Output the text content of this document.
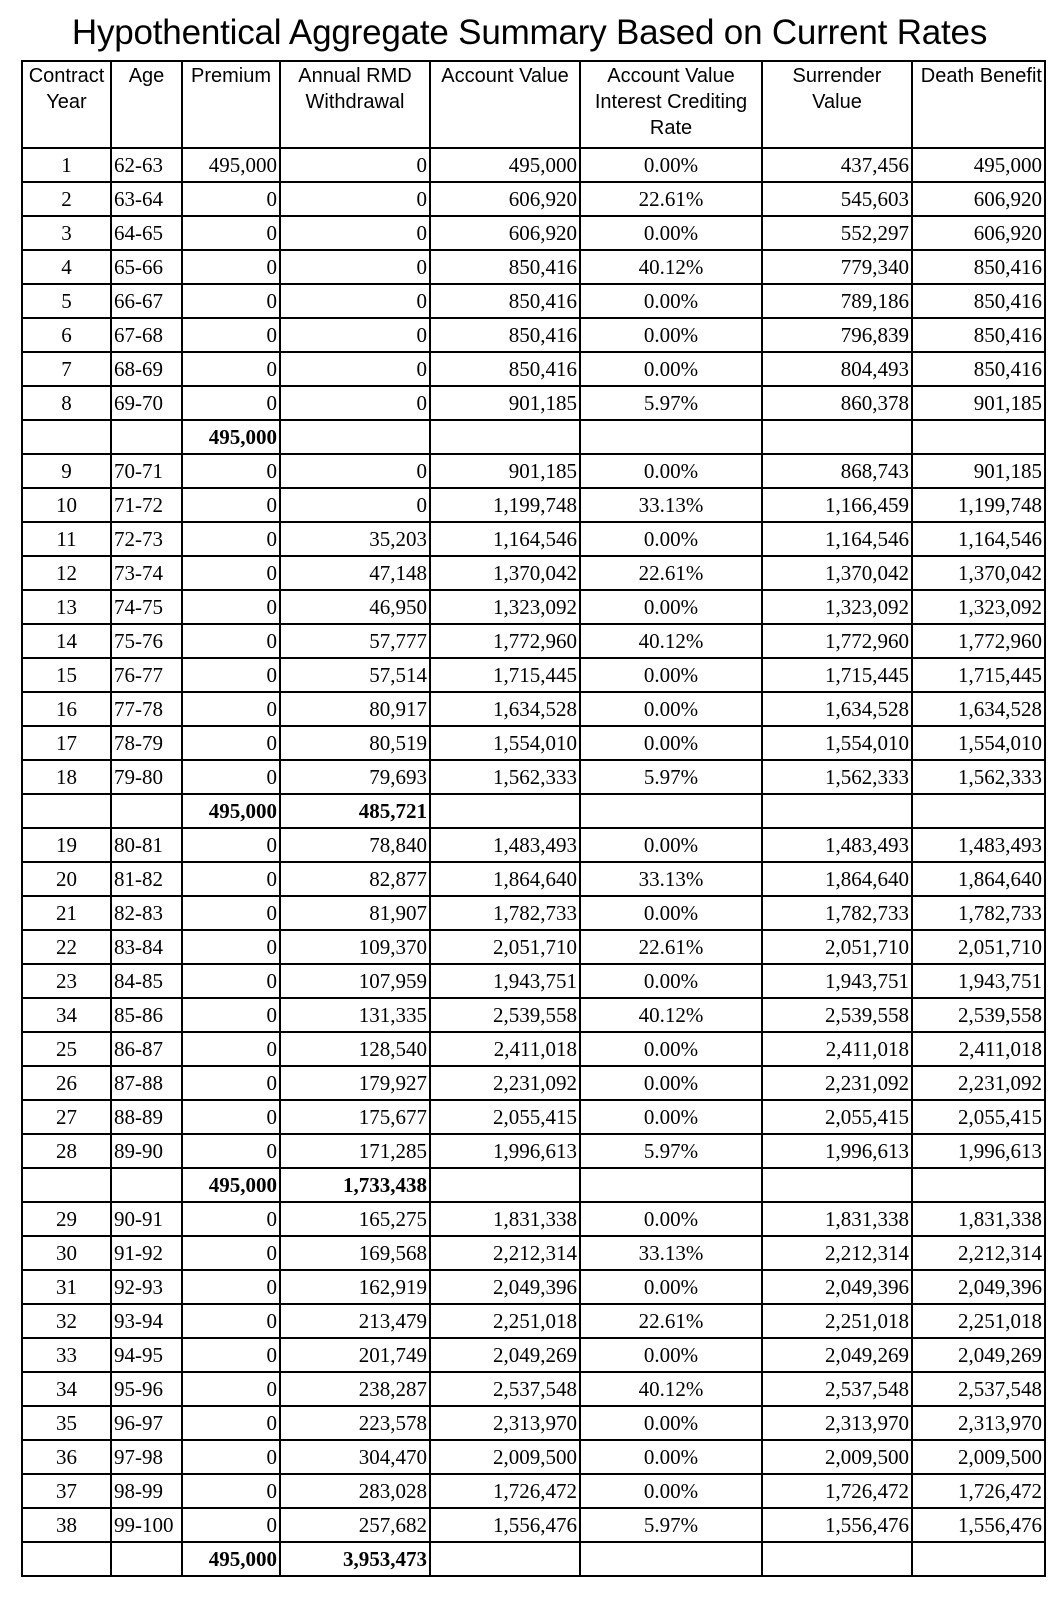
Hypothentical Aggregate Summary Based on Current Rates
Contract Year	Age	Premium	Annual RMD Withdrawal	Account Value	Account Value Interest Crediting Rate	Surrender Value	Death Benefit
1	62-63	495,000	0	495,000	0.00%	437,456	495,000
2	63-64	0	0	606,920	22.61%	545,603	606,920
3	64-65	0	0	606,920	0.00%	552,297	606,920
4	65-66	0	0	850,416	40.12%	779,340	850,416
5	66-67	0	0	850,416	0.00%	789,186	850,416
6	67-68	0	0	850,416	0.00%	796,839	850,416
7	68-69	0	0	850,416	0.00%	804,493	850,416
8	69-70	0	0	901,185	5.97%	860,378	901,185
		495,000					
9	70-71	0	0	901,185	0.00%	868,743	901,185
10	71-72	0	0	1,199,748	33.13%	1,166,459	1,199,748
11	72-73	0	35,203	1,164,546	0.00%	1,164,546	1,164,546
12	73-74	0	47,148	1,370,042	22.61%	1,370,042	1,370,042
13	74-75	0	46,950	1,323,092	0.00%	1,323,092	1,323,092
14	75-76	0	57,777	1,772,960	40.12%	1,772,960	1,772,960
15	76-77	0	57,514	1,715,445	0.00%	1,715,445	1,715,445
16	77-78	0	80,917	1,634,528	0.00%	1,634,528	1,634,528
17	78-79	0	80,519	1,554,010	0.00%	1,554,010	1,554,010
18	79-80	0	79,693	1,562,333	5.97%	1,562,333	1,562,333
		495,000	485,721				
19	80-81	0	78,840	1,483,493	0.00%	1,483,493	1,483,493
20	81-82	0	82,877	1,864,640	33.13%	1,864,640	1,864,640
21	82-83	0	81,907	1,782,733	0.00%	1,782,733	1,782,733
22	83-84	0	109,370	2,051,710	22.61%	2,051,710	2,051,710
23	84-85	0	107,959	1,943,751	0.00%	1,943,751	1,943,751
34	85-86	0	131,335	2,539,558	40.12%	2,539,558	2,539,558
25	86-87	0	128,540	2,411,018	0.00%	2,411,018	2,411,018
26	87-88	0	179,927	2,231,092	0.00%	2,231,092	2,231,092
27	88-89	0	175,677	2,055,415	0.00%	2,055,415	2,055,415
28	89-90	0	171,285	1,996,613	5.97%	1,996,613	1,996,613
		495,000	1,733,438				
29	90-91	0	165,275	1,831,338	0.00%	1,831,338	1,831,338
30	91-92	0	169,568	2,212,314	33.13%	2,212,314	2,212,314
31	92-93	0	162,919	2,049,396	0.00%	2,049,396	2,049,396
32	93-94	0	213,479	2,251,018	22.61%	2,251,018	2,251,018
33	94-95	0	201,749	2,049,269	0.00%	2,049,269	2,049,269
34	95-96	0	238,287	2,537,548	40.12%	2,537,548	2,537,548
35	96-97	0	223,578	2,313,970	0.00%	2,313,970	2,313,970
36	97-98	0	304,470	2,009,500	0.00%	2,009,500	2,009,500
37	98-99	0	283,028	1,726,472	0.00%	1,726,472	1,726,472
38	99-100	0	257,682	1,556,476	5.97%	1,556,476	1,556,476
		495,000	3,953,473				
